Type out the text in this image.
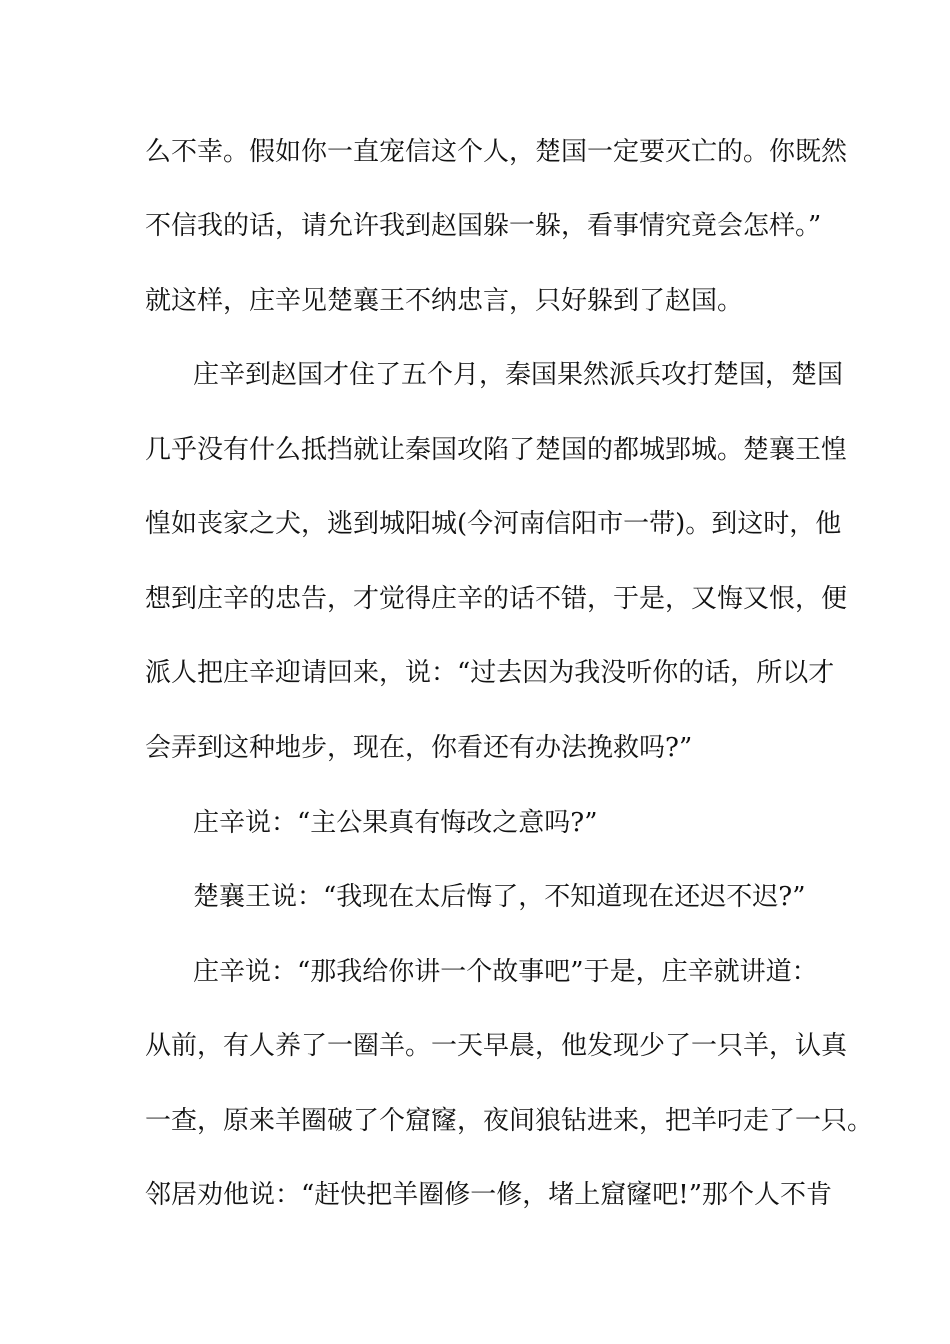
么不幸。假如你一直宠信这个人，楚国一定要灭亡的。你既然
不信我的话，请允许我到赵国躲一躲，看事情究竟会怎样。”
就这样，庄辛见楚襄王不纳忠言，只好躲到了赵国。
庄辛到赵国才住了五个月，秦国果然派兵攻打楚国，楚国
几乎没有什么抵挡就让秦国攻陷了楚国的都城郢城。楚襄王惶
惶如丧家之犬，逃到城阳城(今河南信阳市一带)。到这时，他
想到庄辛的忠告，才觉得庄辛的话不错，于是，又悔又恨，便
派人把庄辛迎请回来，说：“过去因为我没听你的话，所以才
会弄到这种地步，现在，你看还有办法挽救吗?”
庄辛说：“主公果真有悔改之意吗?”
楚襄王说：“我现在太后悔了，不知道现在还迟不迟?”
庄辛说：“那我给你讲一个故事吧”于是，庄辛就讲道：
从前，有人养了一圈羊。一天早晨，他发现少了一只羊，认真
一查，原来羊圈破了个窟窿，夜间狼钻进来，把羊叼走了一只。
邻居劝他说：“赶快把羊圈修一修，堵上窟窿吧!”那个人不肯
